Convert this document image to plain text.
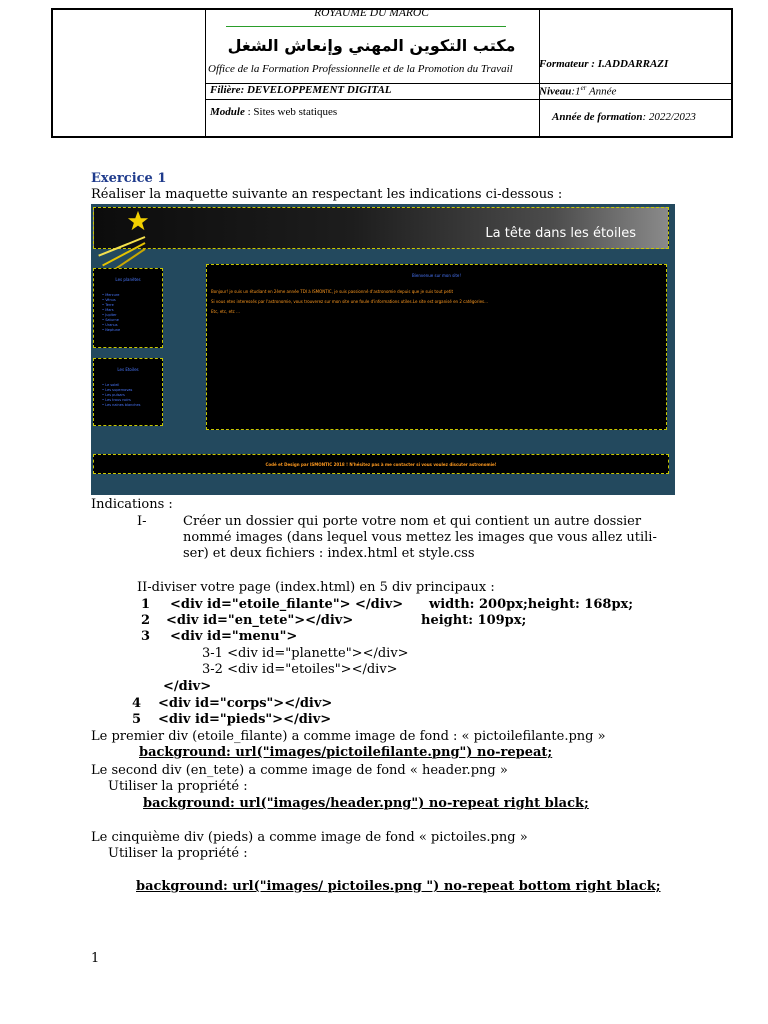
ROYAUME DU MAROC
مكتب التكوين المهني وإنعاش الشغل
Office de la Formation Professionnelle et de la Promotion du Travail	Formateur : I.ADDARRAZI
Filière: DEVELOPPEMENT DIGITAL	Niveau:1er Année
Module : Sites web statiques	Année de formation: 2022/2023
Exercice 1
Réaliser la maquette suivante an respectant les indications ci-dessous :
La tête dans les étoiles
Les planètes
• Mercure
• Vénus
• Terre
• Mars
• Jupiter
• Saturne
• Uranus
• Neptune
Les Etoiles
• Le soleil
• Les supernovas
• Les pulsars
• Les trous noirs
• Les naines blanches
Bienvenue sur mon site!
Bonjour! je suis un étudiant en 2ème année TDI à ISMONTIC, je suis passionné d'astronomie depuis que je suis tout petit
Si vous etes interessés par l'astronomie, vous trouverez sur mon site une foule d'informations utiles.Le site est organisé en 2 catégories...
Etc, etc, etc ...
Codé et Design par ISMONTIC 2018 ! N'hésitez pas à me contacter si vous voulez discuter astronomie!
Indications :
I-	Créer un dossier qui porte votre nom et qui contient un autre dossier
nommé images (dans lequel vous mettez les images que vous allez utili-
ser) et deux fichiers : index.html et style.css
II-diviser votre page (index.html) en 5 div principaux :
1 <div id="etoile_filante"> </div> width: 200px;height: 168px;
2 <div id="en_tete"></div>	height: 109px;
3 <div id="menu">
3-1 <div id="planette"></div>
3-2 <div id="etoiles"></div>
</div>
4 <div id="corps"></div>
5 <div id="pieds"></div>
Le premier div (etoile_filante) a comme image de fond : « pictoilefilante.png »
background: url("images/pictoilefilante.png") no-repeat;
Le second div (en_tete) a comme image de fond « header.png »
Utiliser la propriété :
background: url("images/header.png") no-repeat right black;
Le cinquième div (pieds) a comme image de fond « pictoiles.png »
Utiliser la propriété :
background: url("images/ pictoiles.png ") no-repeat bottom right black;
1
